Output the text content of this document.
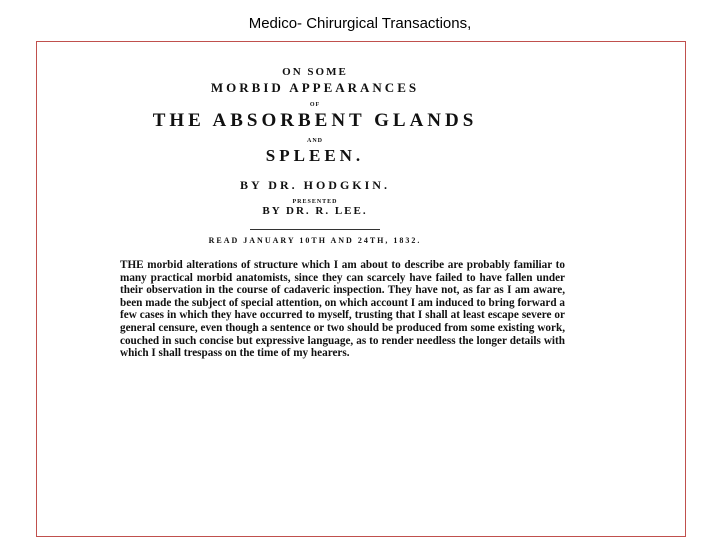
Medico- Chirurgical Transactions,
ON SOME
MORBID APPEARANCES
OF
THE ABSORBENT GLANDS
AND
SPLEEN.
BY DR. HODGKIN.
PRESENTED
BY DR. R. LEE.
READ JANUARY 10TH AND 24TH, 1832.
THE morbid alterations of structure which I am about to describe are probably familiar to many practical morbid anatomists, since they can scarcely have failed to have fallen under their observation in the course of cadaveric inspection. They have not, as far as I am aware, been made the subject of special attention, on which account I am induced to bring forward a few cases in which they have occurred to myself, trusting that I shall at least escape severe or general censure, even though a sentence or two should be produced from some existing work, couched in such concise but expressive language, as to render needless the longer details with which I shall trespass on the time of my hearers.
